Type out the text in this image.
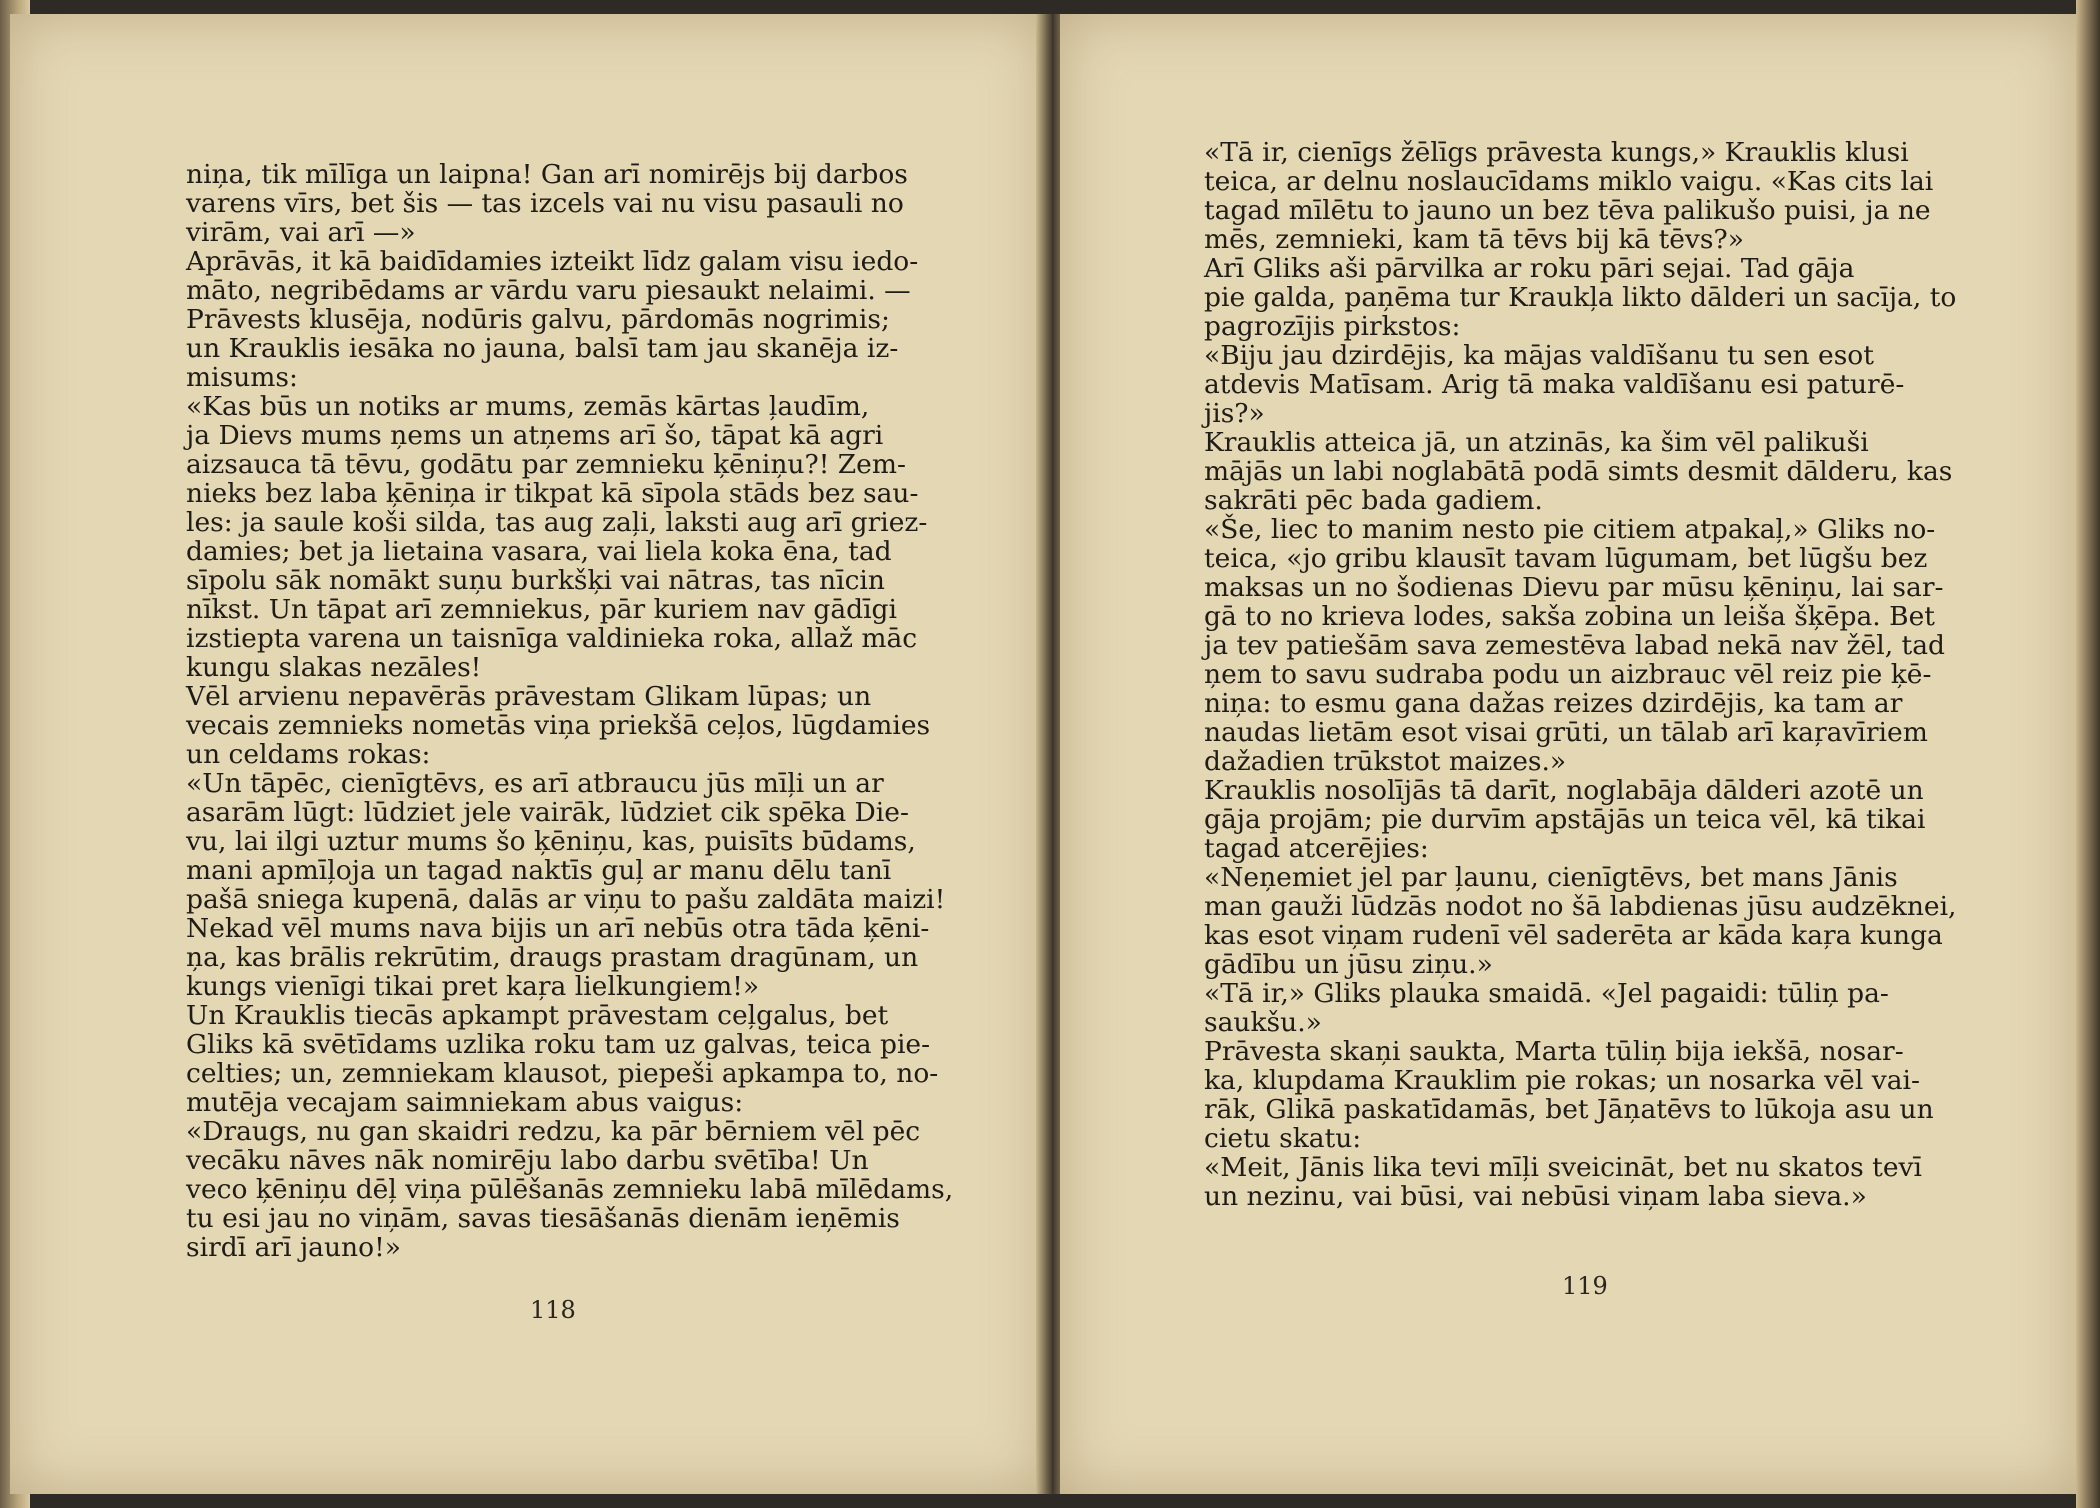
niņa, tik mīlīga un laipna! Gan arī nomirējs bij darbos
varens vīrs, bet šis — tas izcels vai nu visu pasauli no
virām, vai arī —»
Aprāvās, it kā baidīdamies izteikt līdz galam visu iedo-
māto, negribēdams ar vārdu varu piesaukt nelaimi. —
Prāvests klusēja, nodūris galvu, pārdomās nogrimis;
un Krauklis iesāka no jauna, balsī tam jau skanēja iz-
misums:
«Kas būs un notiks ar mums, zemās kārtas ļaudīm,
ja Dievs mums ņems un atņems arī šo, tāpat kā agri
aizsauca tā tēvu, godātu par zemnieku ķēniņu?! Zem-
nieks bez laba ķēniņa ir tikpat kā sīpola stāds bez sau-
les: ja saule koši silda, tas aug zaļi, laksti aug arī griez-
damies; bet ja lietaina vasara, vai liela koka ēna, tad
sīpolu sāk nomākt suņu burkšķi vai nātras, tas nīcin
nīkst. Un tāpat arī zemniekus, pār kuriem nav gādīgi
izstiepta varena un taisnīga valdinieka roka, allaž māc
kungu slakas nezāles!
Vēl arvienu nepavērās prāvestam Glikam lūpas; un
vecais zemnieks nometās viņa priekšā ceļos, lūgdamies
un celdams rokas:
«Un tāpēc, cienīgtēvs, es arī atbraucu jūs mīļi un ar
asarām lūgt: lūdziet jele vairāk, lūdziet cik spēka Die-
vu, lai ilgi uztur mums šo ķēniņu, kas, puisīts būdams,
mani apmīļoja un tagad naktīs guļ ar manu dēlu tanī
pašā sniega kupenā, dalās ar viņu to pašu zaldāta maizi!
Nekad vēl mums nava bijis un arī nebūs otra tāda ķēni-
ņa, kas brālis rekrūtim, draugs prastam dragūnam, un
kungs vienīgi tikai pret kaŗa lielkungiem!»
Un Krauklis tiecās apkampt prāvestam ceļgalus, bet
Gliks kā svētīdams uzlika roku tam uz galvas, teica pie-
celties; un, zemniekam klausot, piepeši apkampa to, no-
mutēja vecajam saimniekam abus vaigus:
«Draugs, nu gan skaidri redzu, ka pār bērniem vēl pēc
vecāku nāves nāk nomirēju labo darbu svētība! Un
veco ķēniņu dēļ viņa pūlēšanās zemnieku labā mīlēdams,
tu esi jau no viņām, savas tiesāšanās dienām ieņēmis
sirdī arī jauno!»
118
«Tā ir, cienīgs žēlīgs prāvesta kungs,» Krauklis klusi
teica, ar delnu noslaucīdams miklo vaigu. «Kas cits lai
tagad mīlētu to jauno un bez tēva palikušo puisi, ja ne
mēs, zemnieki, kam tā tēvs bij kā tēvs?»
Arī Gliks aši pārvilka ar roku pāri sejai. Tad gāja
pie galda, paņēma tur Kraukļa likto dālderi un sacīja, to
pagrozījis pirkstos:
«Biju jau dzirdējis, ka mājas valdīšanu tu sen esot
atdevis Matīsam. Arig tā maka valdīšanu esi paturē-
jis?»
Krauklis atteica jā, un atzinās, ka šim vēl palikuši
mājās un labi noglabātā podā simts desmit dālderu, kas
sakrāti pēc bada gadiem.
«Še, liec to manim nesto pie citiem atpakaļ,» Gliks no-
teica, «jo gribu klausīt tavam lūgumam, bet lūgšu bez
maksas un no šodienas Dievu par mūsu ķēniņu, lai sar-
gā to no krieva lodes, sakša zobina un leiša šķēpa. Bet
ja tev patiešām sava zemestēva labad nekā nav žēl, tad
ņem to savu sudraba podu un aizbrauc vēl reiz pie ķē-
niņa: to esmu gana dažas reizes dzirdējis, ka tam ar
naudas lietām esot visai grūti, un tālab arī kaŗavīriem
dažadien trūkstot maizes.»
Krauklis nosolījās tā darīt, noglabāja dālderi azotē un
gāja projām; pie durvīm apstājās un teica vēl, kā tikai
tagad atcerējies:
«Neņemiet jel par ļaunu, cienīgtēvs, bet mans Jānis
man gauži lūdzās nodot no šā labdienas jūsu audzēknei,
kas esot viņam rudenī vēl saderēta ar kāda kaŗa kunga
gādību un jūsu ziņu.»
«Tā ir,» Gliks plauka smaidā. «Jel pagaidi: tūliņ pa-
saukšu.»
Prāvesta skaņi saukta, Marta tūliņ bija iekšā, nosar-
ka, klupdama Krauklim pie rokas; un nosarka vēl vai-
rāk, Glikā paskatīdamās, bet Jāņatēvs to lūkoja asu un
cietu skatu:
«Meit, Jānis lika tevi mīļi sveicināt, bet nu skatos tevī
un nezinu, vai būsi, vai nebūsi viņam laba sieva.»
119
